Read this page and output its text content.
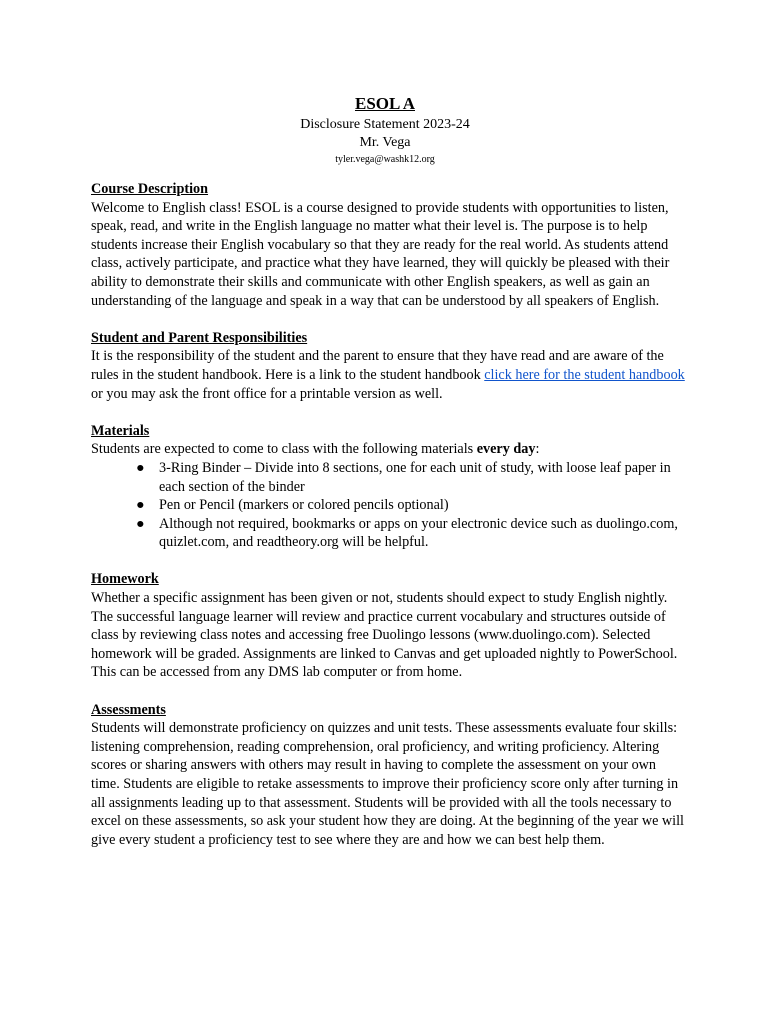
ESOL A
Disclosure Statement 2023-24
Mr. Vega
tyler.vega@washk12.org
Course Description

Welcome to English class! ESOL is a course designed to provide students with opportunities to listen, speak, read, and write in the English language no matter what their level is. The purpose is to help students increase their English vocabulary so that they are ready for the real world. As students attend class, actively participate, and practice what they have learned, they will quickly be pleased with their ability to demonstrate their skills and communicate with other English speakers, as well as gain an understanding of the language and speak in a way that can be understood by all speakers of English.

Student and Parent Responsibilities

It is the responsibility of the student and the parent to ensure that they have read and are aware of the rules in the student handbook. Here is a link to the student handbook click here for the student handbook or you may ask the front office for a printable version as well.

Materials

Students are expected to come to class with the following materials every day:

● 3-Ring Binder – Divide into 8 sections, one for each unit of study, with loose leaf paper in each section of the binder
● Pen or Pencil (markers or colored pencils optional)
● Although not required, bookmarks or apps on your electronic device such as duolingo.com, quizlet.com, and readtheory.org will be helpful.
Homework

Whether a specific assignment has been given or not, students should expect to study English nightly. The successful language learner will review and practice current vocabulary and structures outside of class by reviewing class notes and accessing free Duolingo lessons (www.duolingo.com). Selected homework will be graded. Assignments are linked to Canvas and get uploaded nightly to PowerSchool. This can be accessed from any DMS lab computer or from home.

Assessments

Students will demonstrate proficiency on quizzes and unit tests. These assessments evaluate four skills: listening comprehension, reading comprehension, oral proficiency, and writing proficiency. Altering scores or sharing answers with others may result in having to complete the assessment on your own time. Students are eligible to retake assessments to improve their proficiency score only after turning in all assignments leading up to that assessment. Students will be provided with all the tools necessary to excel on these assessments, so ask your student how they are doing. At the beginning of the year we will give every student a proficiency test to see where they are and how we can best help them.
